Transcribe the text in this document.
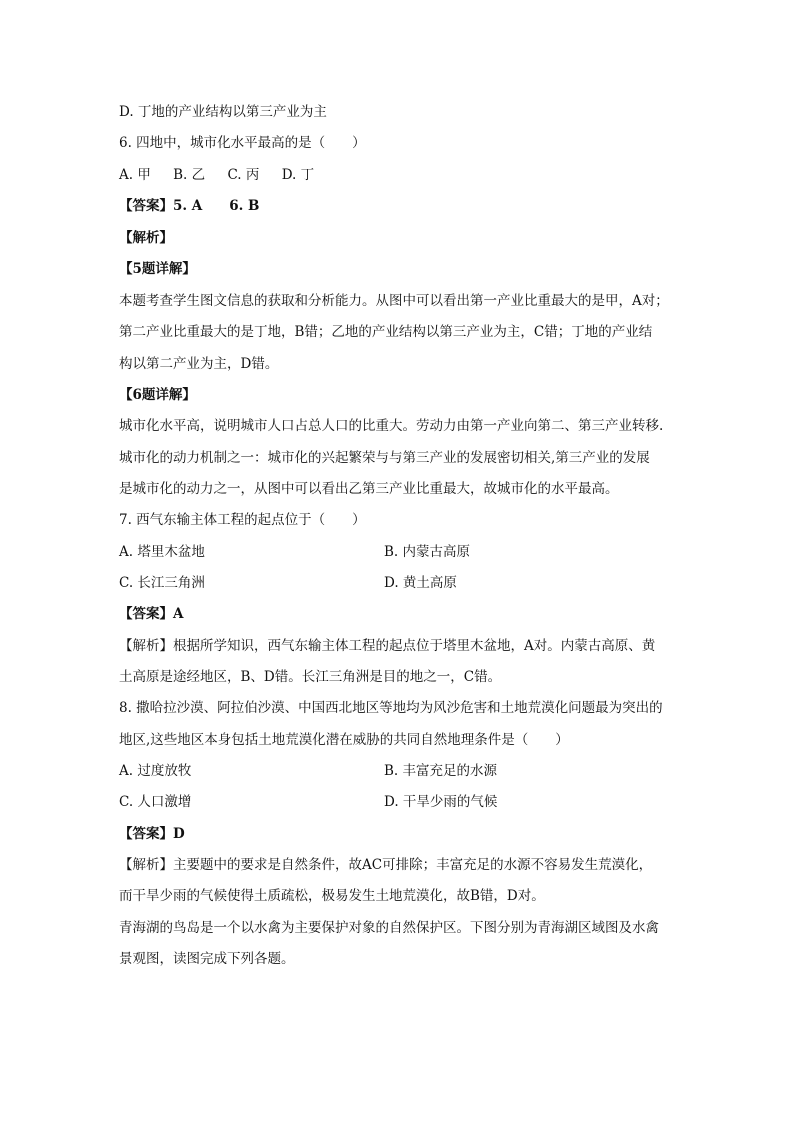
D. 丁地的产业结构以第三产业为主
6. 四地中，城市化水平最高的是（　　）
A. 甲 B. 乙 C. 丙 D. 丁
【答案】5. A　　6. B
【解析】
【5题详解】
本题考查学生图文信息的获取和分析能力。从图中可以看出第一产业比重最大的是甲，A对；
第二产业比重最大的是丁地，B错；乙地的产业结构以第三产业为主，C错；丁地的产业结
构以第二产业为主，D错。
【6题详解】
城市化水平高，说明城市人口占总人口的比重大。劳动力由第一产业向第二、第三产业转移.
城市化的动力机制之一：城市化的兴起繁荣与与第三产业的发展密切相关,第三产业的发展
是城市化的动力之一，从图中可以看出乙第三产业比重最大，故城市化的水平最高。
7. 西气东输主体工程的起点位于（　　）
A. 塔里木盆地	B. 内蒙古高原
C. 长江三角洲	D. 黄土高原
【答案】A
【解析】根据所学知识，西气东输主体工程的起点位于塔里木盆地，A对。内蒙古高原、黄
土高原是途经地区，B、D错。长江三角洲是目的地之一，C错。
8. 撒哈拉沙漠、阿拉伯沙漠、中国西北地区等地均为风沙危害和土地荒漠化问题最为突出的
地区,这些地区本身包括土地荒漠化潜在威胁的共同自然地理条件是（　　）
A. 过度放牧	B. 丰富充足的水源
C. 人口激增	D. 干旱少雨的气候
【答案】D
【解析】主要题中的要求是自然条件，故AC可排除；丰富充足的水源不容易发生荒漠化，
而干旱少雨的气候使得土质疏松，极易发生土地荒漠化，故B错，D对。
青海湖的鸟岛是一个以水禽为主要保护对象的自然保护区。下图分别为青海湖区域图及水禽
景观图，读图完成下列各题。
